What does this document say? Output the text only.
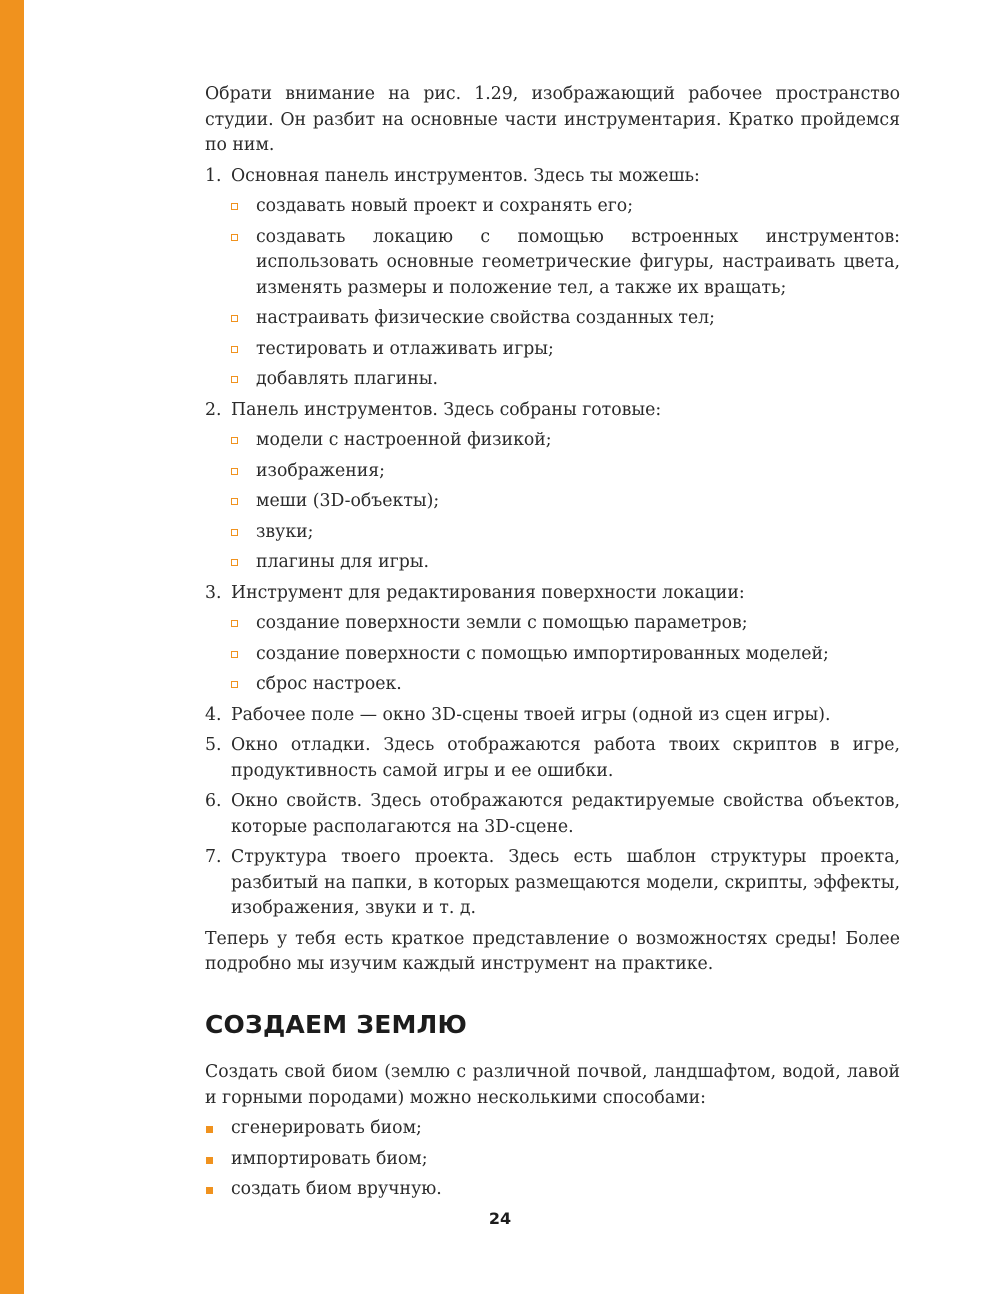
Обрати внимание на рис. 1.29, изображающий рабочее пространство студии. Он разбит на основные части инструментария. Кратко пройдемся по ним.

1. Основная панель инструментов. Здесь ты можешь:
создавать новый проект и сохранять его;
создавать локацию с помощью встроенных инструментов: использовать основные геометрические фигуры, настраивать цвета, изменять размеры и положение тел, а также их вращать;
настраивать физические свойства созданных тел;
тестировать и отлаживать игры;
добавлять плагины.
2. Панель инструментов. Здесь собраны готовые:
модели с настроенной физикой;
изображения;
меши (3D-объекты);
звуки;
плагины для игры.
3. Инструмент для редактирования поверхности локации:
создание поверхности земли с помощью параметров;
создание поверхности с помощью импортированных моделей;
сброс настроек.
4. Рабочее поле — окно 3D-сцены твоей игры (одной из сцен игры).
5. Окно отладки. Здесь отображаются работа твоих скриптов в игре, продуктивность самой игры и ее ошибки.
6. Окно свойств. Здесь отображаются редактируемые свойства объектов, которые располагаются на 3D-сцене.
7. Структура твоего проекта. Здесь есть шаблон структуры проекта, разбитый на папки, в которых размещаются модели, скрипты, эффекты, изображения, звуки и т. д.

Теперь у тебя есть краткое представление о возможностях среды! Более подробно мы изучим каждый инструмент на практике.

СОЗДАЕМ ЗЕМЛЮ

Создать свой биом (землю с различной почвой, ландшафтом, водой, лавой и горными породами) можно несколькими способами:

сгенерировать биом;
импортировать биом;
создать биом вручную.
24
